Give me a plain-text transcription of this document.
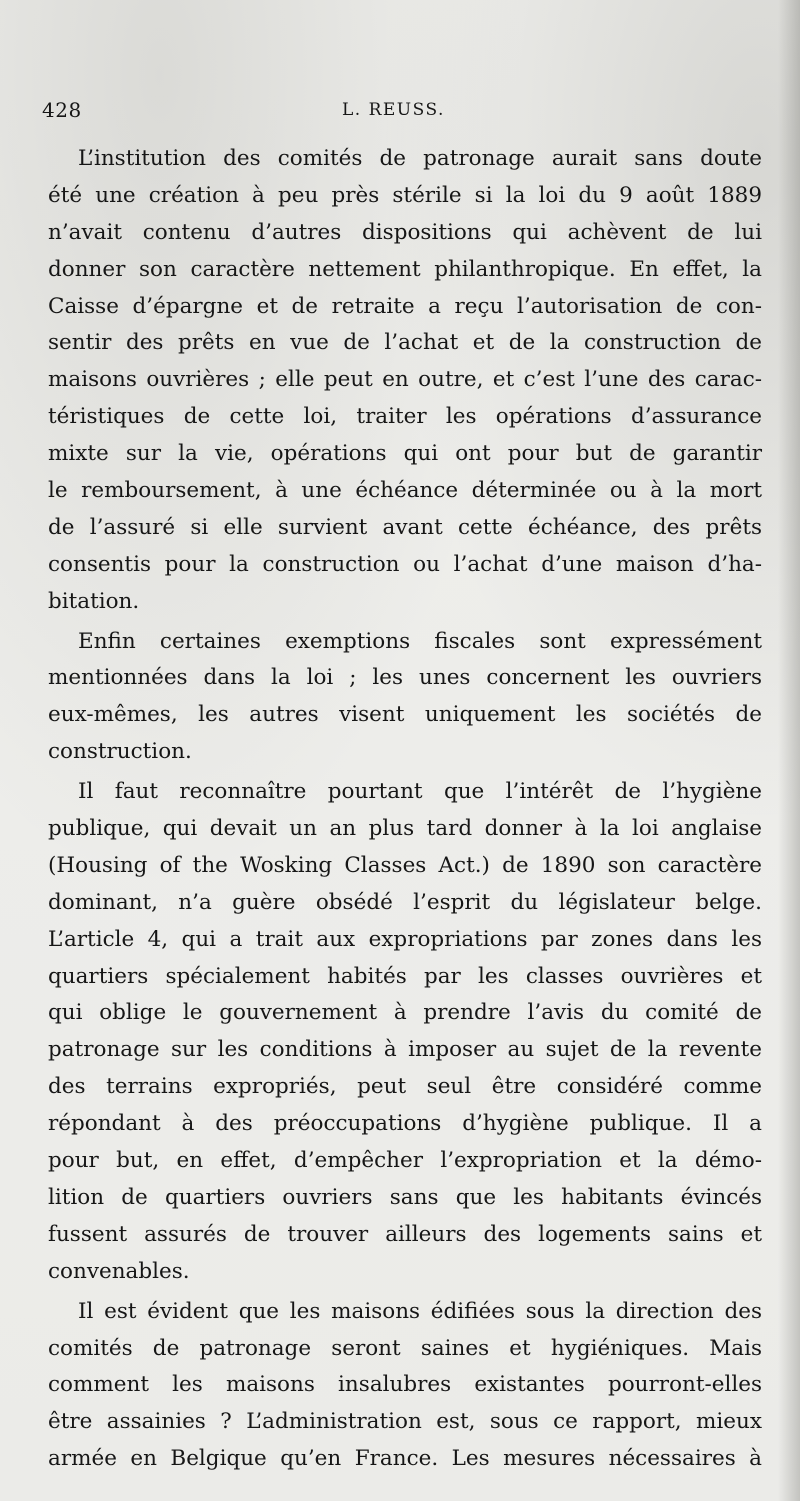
428	L. REUSS.
L’institution des comités de patronage aurait sans doute
été une création à peu près stérile si la loi du 9 août 1889
n’avait contenu d’autres dispositions qui achèvent de lui
donner son caractère nettement philanthropique. En effet, la
Caisse d’épargne et de retraite a reçu l’autorisation de con-
sentir des prêts en vue de l’achat et de la construction de
maisons ouvrières ; elle peut en outre, et c’est l’une des carac-
téristiques de cette loi, traiter les opérations d’assurance
mixte sur la vie, opérations qui ont pour but de garantir
le remboursement, à une échéance déterminée ou à la mort
de l’assuré si elle survient avant cette échéance, des prêts
consentis pour la construction ou l’achat d’une maison d’ha-
bitation.
Enfin certaines exemptions fiscales sont expressément
mentionnées dans la loi ; les unes concernent les ouvriers
eux-mêmes, les autres visent uniquement les sociétés de
construction.
Il faut reconnaître pourtant que l’intérêt de l’hygiène
publique, qui devait un an plus tard donner à la loi anglaise
(Housing of the Wosking Classes Act.) de 1890 son caractère
dominant, n’a guère obsédé l’esprit du législateur belge.
L’article 4, qui a trait aux expropriations par zones dans les
quartiers spécialement habités par les classes ouvrières et
qui oblige le gouvernement à prendre l’avis du comité de
patronage sur les conditions à imposer au sujet de la revente
des terrains expropriés, peut seul être considéré comme
répondant à des préoccupations d’hygiène publique. Il a
pour but, en effet, d’empêcher l’expropriation et la démo-
lition de quartiers ouvriers sans que les habitants évincés
fussent assurés de trouver ailleurs des logements sains et
convenables.
Il est évident que les maisons édifiées sous la direction des
comités de patronage seront saines et hygiéniques. Mais
comment les maisons insalubres existantes pourront-elles
être assainies ? L’administration est, sous ce rapport, mieux
armée en Belgique qu’en France. Les mesures nécessaires à
